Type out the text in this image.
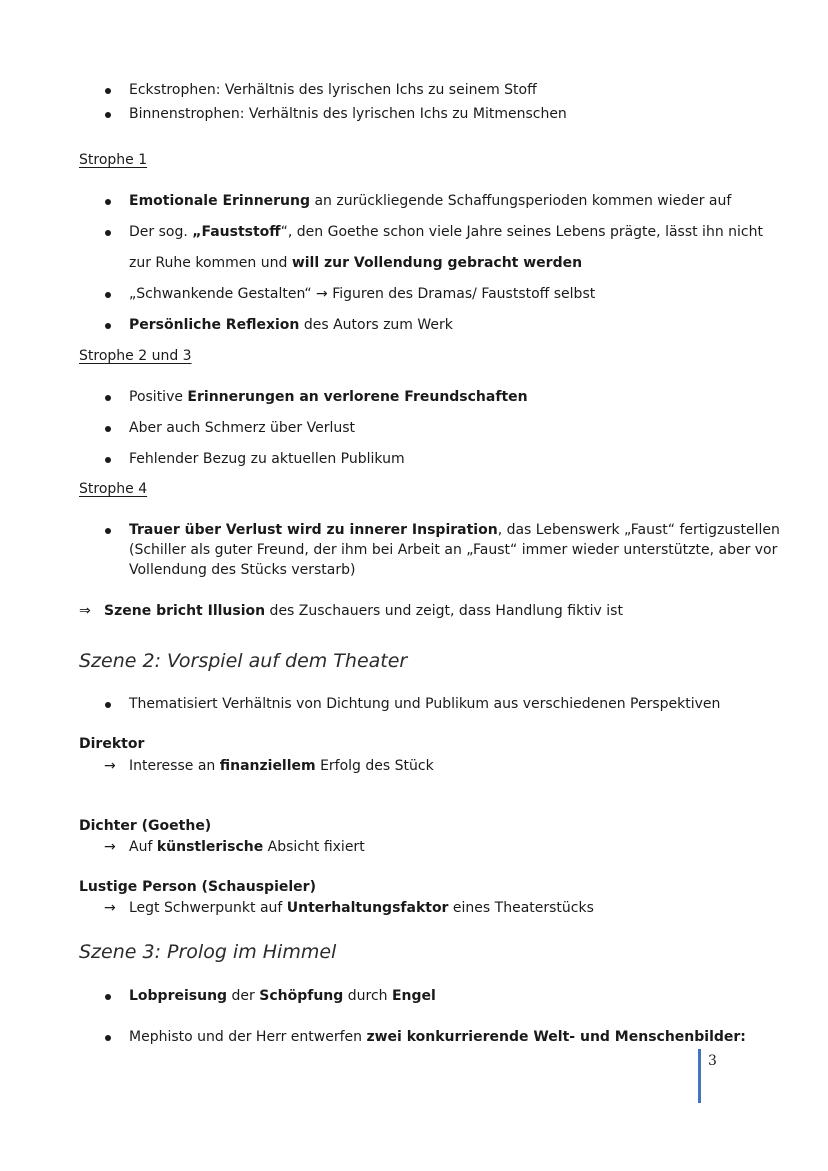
Eckstrophen: Verhältnis des lyrischen Ichs zu seinem Stoff
Binnenstrophen: Verhältnis des lyrischen Ichs zu Mitmenschen
Strophe 1
Emotionale Erinnerung an zurückliegende Schaffungsperioden kommen wieder auf
Der sog. „Fauststoff“, den Goethe schon viele Jahre seines Lebens prägte, lässt ihn nicht
zur Ruhe kommen und will zur Vollendung gebracht werden
„Schwankende Gestalten“ → Figuren des Dramas/ Fauststoff selbst
Persönliche Reflexion des Autors zum Werk
Strophe 2 und 3
Positive Erinnerungen an verlorene Freundschaften
Aber auch Schmerz über Verlust
Fehlender Bezug zu aktuellen Publikum
Strophe 4
Trauer über Verlust wird zu innerer Inspiration, das Lebenswerk „Faust“ fertigzustellen
(Schiller als guter Freund, der ihm bei Arbeit an „Faust“ immer wieder unterstützte, aber vor
Vollendung des Stücks verstarb)
⇒ Szene bricht Illusion des Zuschauers und zeigt, dass Handlung fiktiv ist
Szene 2: Vorspiel auf dem Theater
Thematisiert Verhältnis von Dichtung und Publikum aus verschiedenen Perspektiven
Direktor
→ Interesse an finanziellem Erfolg des Stück
Dichter (Goethe)
→ Auf künstlerische Absicht fixiert
Lustige Person (Schauspieler)
→ Legt Schwerpunkt auf Unterhaltungsfaktor eines Theaterstücks
Szene 3: Prolog im Himmel
Lobpreisung der Schöpfung durch Engel
Mephisto und der Herr entwerfen zwei konkurrierende Welt- und Menschenbilder:
3
